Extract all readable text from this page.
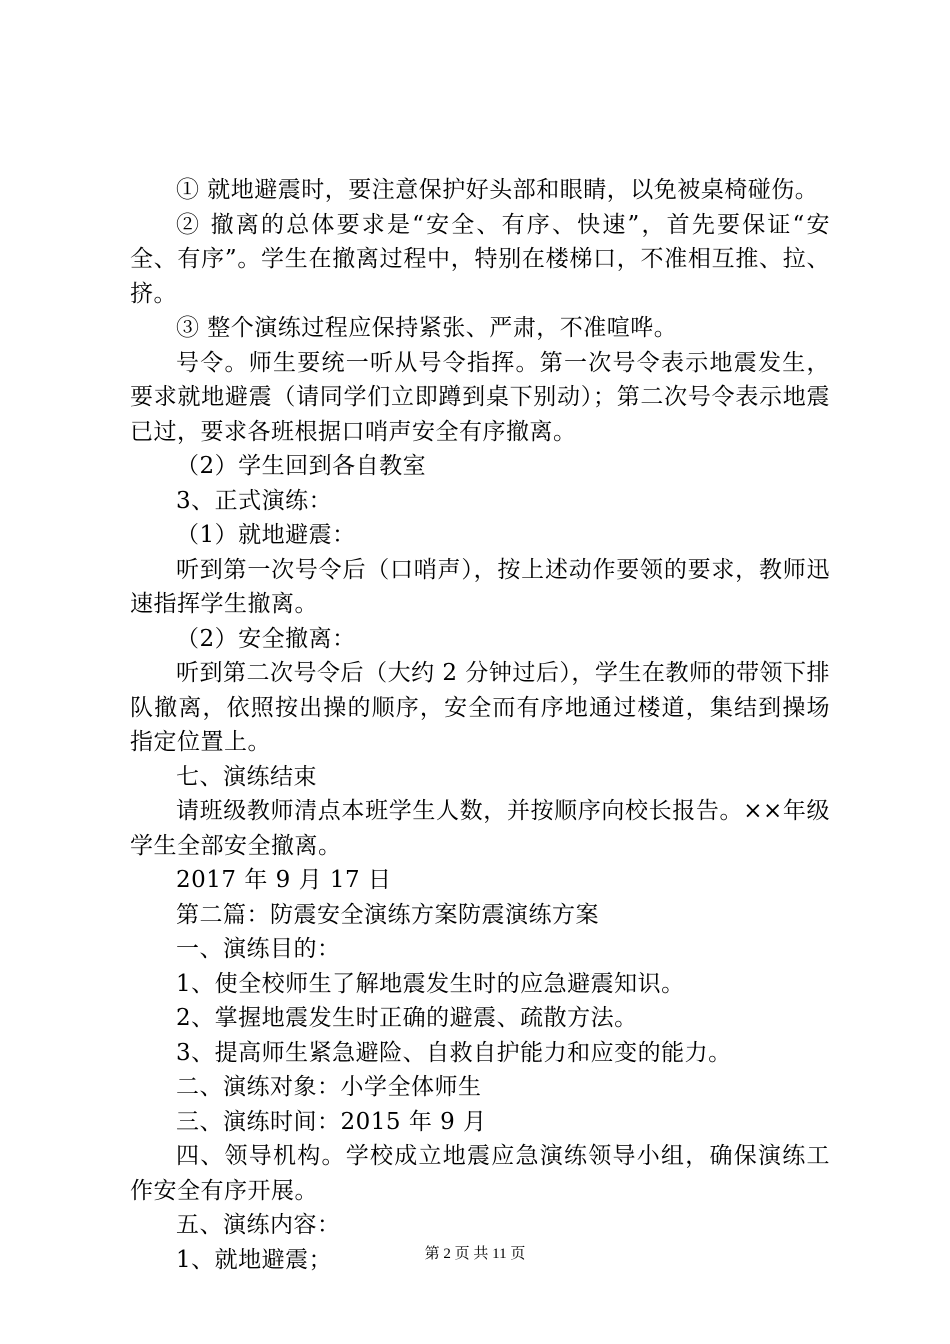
① 就地避震时，要注意保护好头部和眼睛，以免被桌椅碰伤。

② 撤离的总体要求是“安全、有序、快速”，首先要保证“安全、有序”。学生在撤离过程中，特别在楼梯口，不准相互推、拉、挤。

③ 整个演练过程应保持紧张、严肃，不准喧哗。

号令。师生要统一听从号令指挥。第一次号令表示地震发生，要求就地避震（请同学们立即蹲到桌下别动）；第二次号令表示地震已过，要求各班根据口哨声安全有序撤离。

（2）学生回到各自教室

3、正式演练：

（1）就地避震：

听到第一次号令后（口哨声），按上述动作要领的要求，教师迅速指挥学生撤离。

（2）安全撤离：

听到第二次号令后（大约 2 分钟过后），学生在教师的带领下排队撤离，依照按出操的顺序，安全而有序地通过楼道，集结到操场指定位置上。

七、演练结束

请班级教师清点本班学生人数，并按顺序向校长报告。××年级学生全部安全撤离。

2017 年 9 月 17 日

第二篇：防震安全演练方案防震演练方案

一、演练目的：

1、使全校师生了解地震发生时的应急避震知识。

2、掌握地震发生时正确的避震、疏散方法。

3、提高师生紧急避险、自救自护能力和应变的能力。

二、演练对象：小学全体师生

三、演练时间：2015 年 9 月

四、领导机构。学校成立地震应急演练领导小组，确保演练工作安全有序开展。

五、演练内容：

1、就地避震；	第 2 页 共 11 页
